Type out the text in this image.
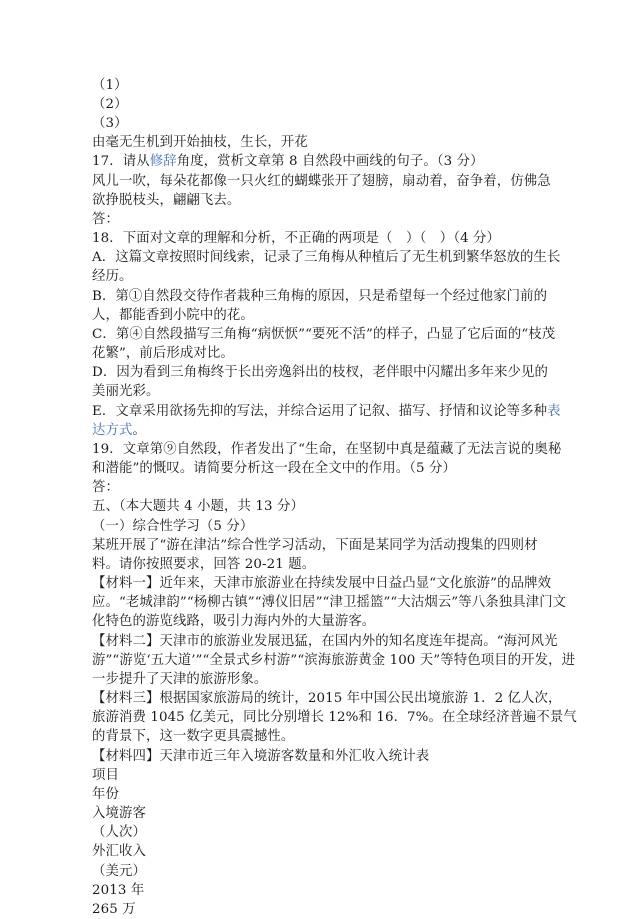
（1）
（2）
（3）
由毫无生机到开始抽枝，生长，开花
17．请从修辞角度，赏析文章第 8 自然段中画线的句子。（3 分）
风儿一吹，每朵花都像一只火红的蝴蝶张开了翅膀，扇动着，奋争着，仿佛急
欲挣脱枝头，翩翩飞去。
答：
18．下面对文章的理解和分析，不正确的两项是（　）（　）（4 分）
A．这篇文章按照时间线索，记录了三角梅从种植后了无生机到繁华怒放的生长
经历。
B．第①自然段交待作者栽种三角梅的原因，只是希望每一个经过他家门前的
人，都能香到小院中的花。
C．第④自然段描写三角梅“病恹恹”“要死不活”的样子，凸显了它后面的“枝茂
花繁”，前后形成对比。
D．因为看到三角梅终于长出旁逸斜出的枝杈，老伴眼中闪耀出多年来少见的
美丽光彩。
E．文章采用欲扬先抑的写法，并综合运用了记叙、描写、抒情和议论等多种表
达方式。
19．文章第⑨自然段，作者发出了“生命，在坚韧中真是蕴藏了无法言说的奥秘
和潜能”的慨叹。请简要分析这一段在全文中的作用。（5 分）
答：
五、（本大题共 4 小题，共 13 分）
（一）综合性学习（5 分）
某班开展了“游在津沽”综合性学习活动，下面是某同学为活动搜集的四则材
料。请你按照要求，回答 20-21 题。
【材料一】近年来，天津市旅游业在持续发展中日益凸显“文化旅游”的品牌效
应。“老城津韵”“杨柳古镇”“溥仪旧居”“津卫摇篮”“大沽烟云”等八条独具津门文
化特色的游览线路，吸引力海内外的大量游客。
【材料二】天津市的旅游业发展迅猛，在国内外的知名度连年提高。“海河风光
游”“游览‘五大道’”“全景式乡村游”“滨海旅游黄金 100 天”等特色项目的开发，进
一步提升了天津的旅游形象。
【材料三】根据国家旅游局的统计，2015 年中国公民出境旅游 1．2 亿人次，
旅游消费 1045 亿美元，同比分别增长 12%和 16．7%。在全球经济普遍不景气
的背景下，这一数字更具震撼性。
【材料四】天津市近三年入境游客数量和外汇收入统计表
项目
年份
入境游客
（人次）
外汇收入
（美元）
2013 年
265 万
